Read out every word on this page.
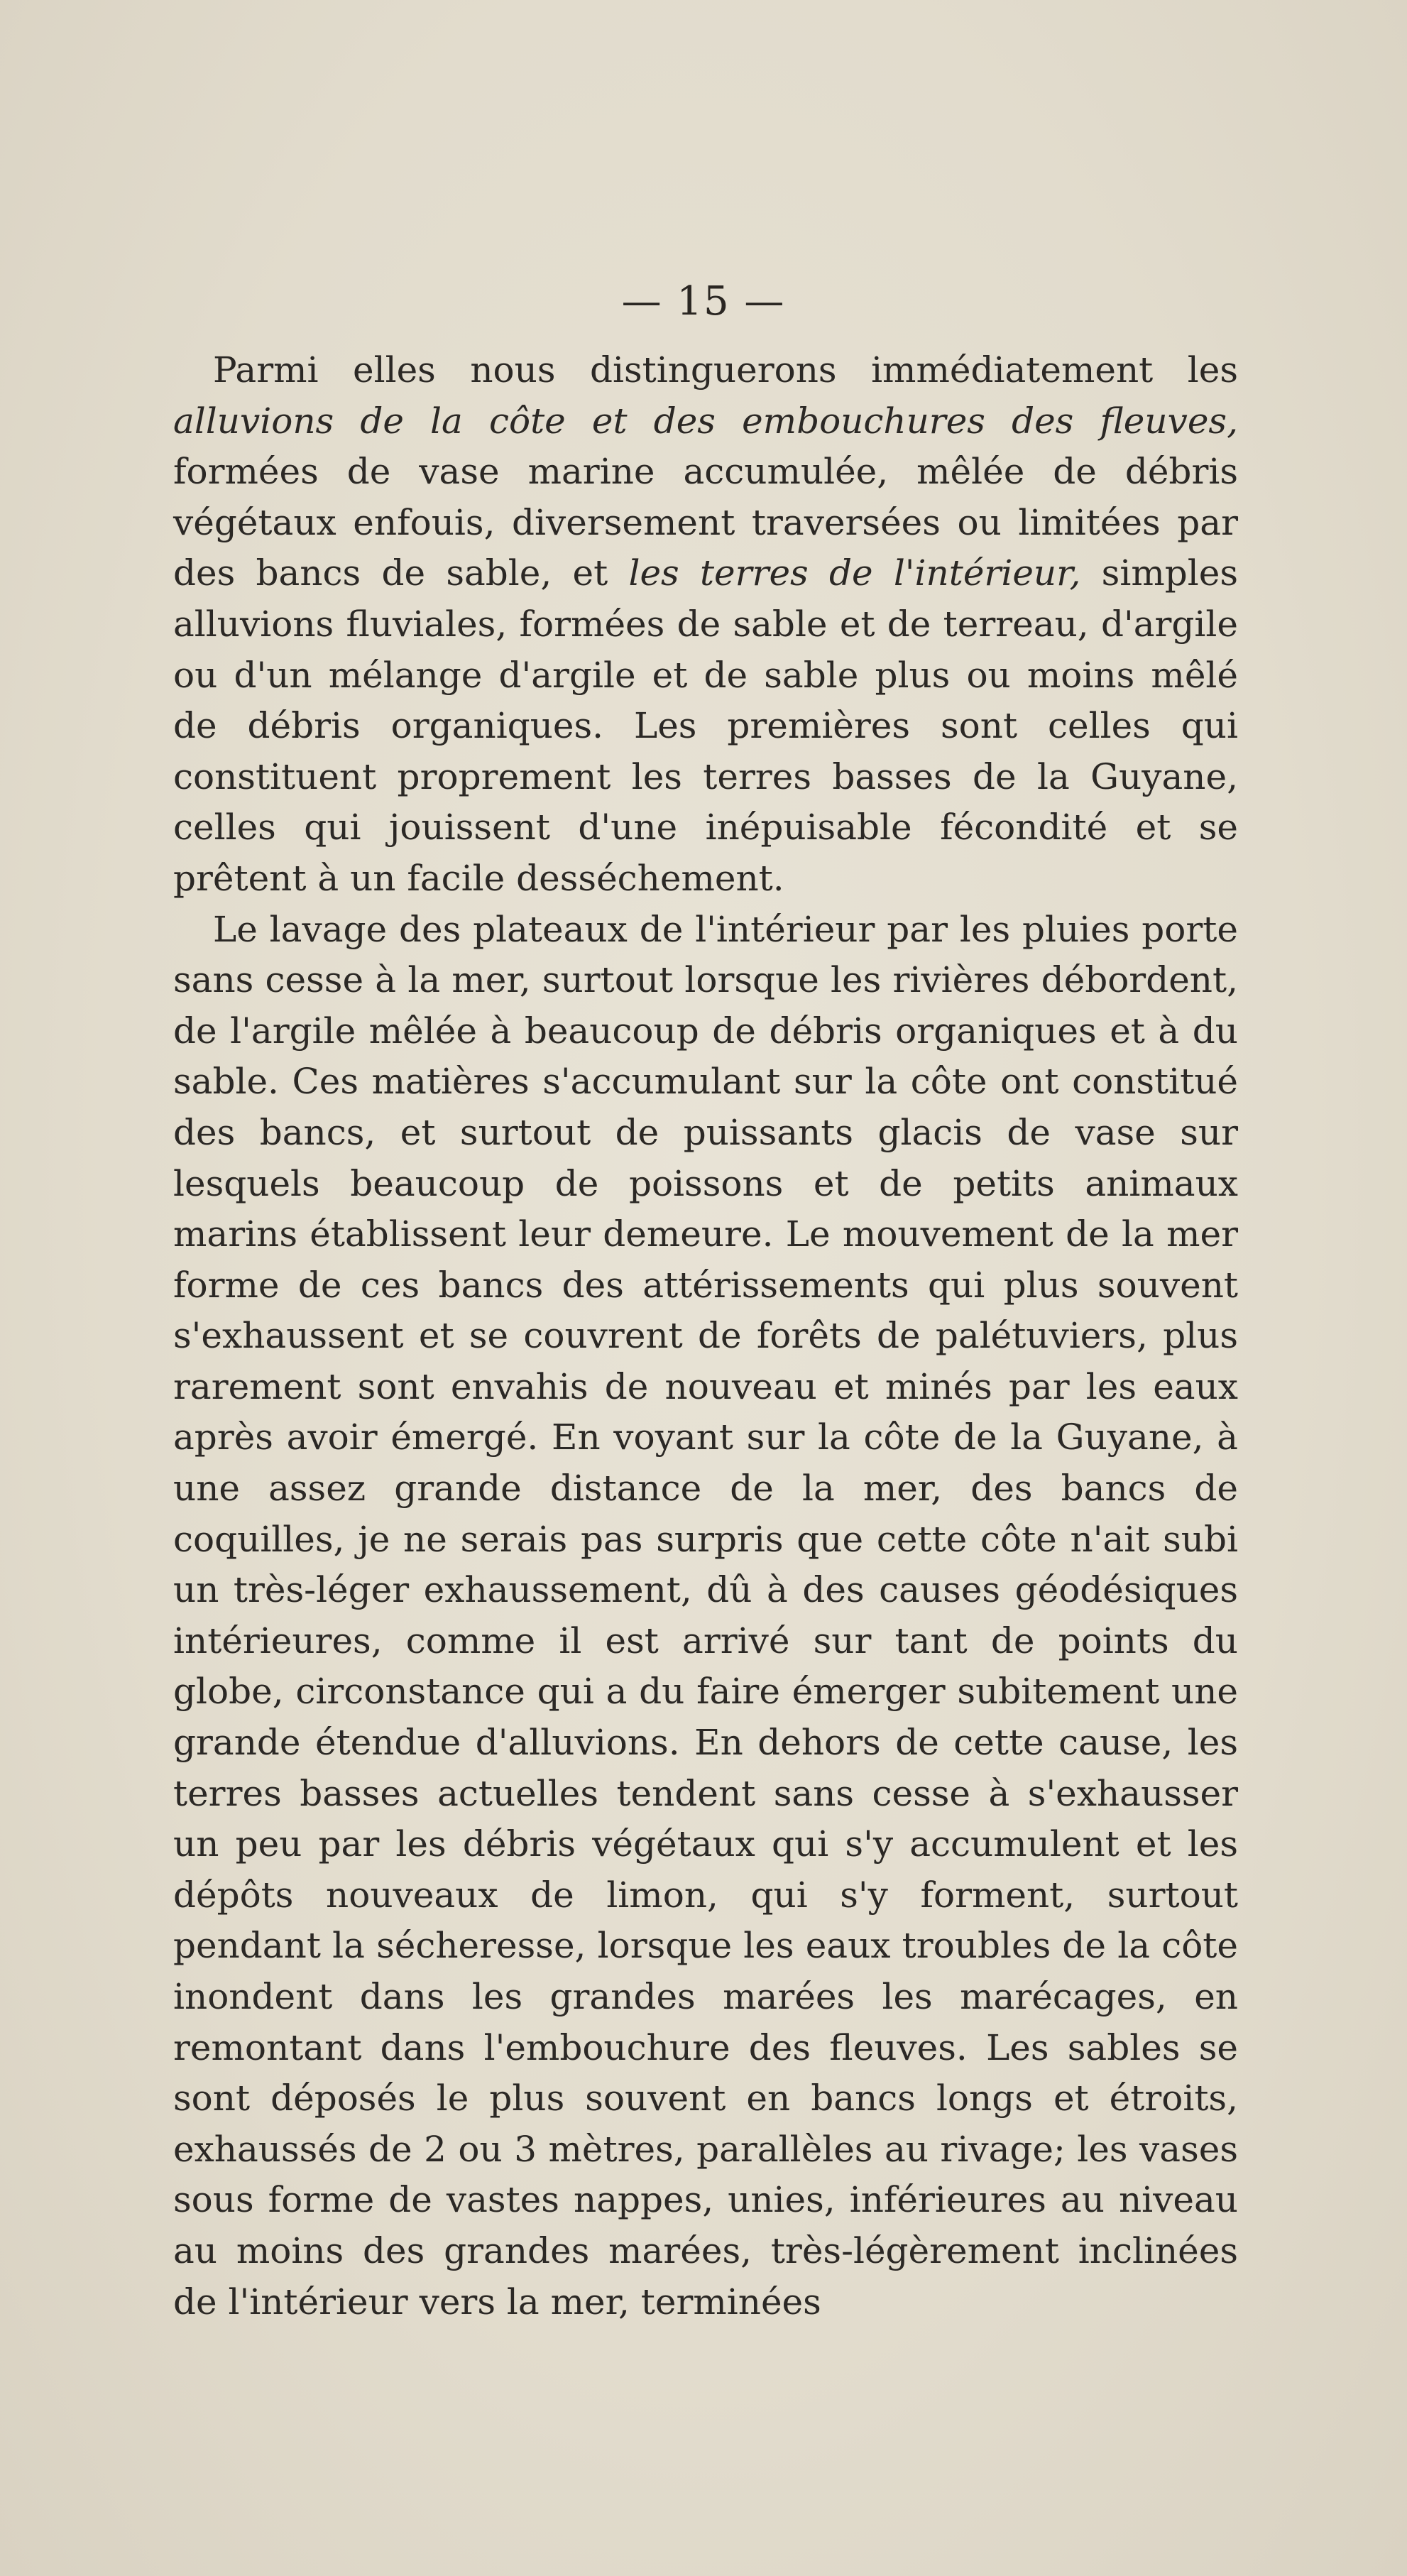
— 15 —

Parmi elles nous distinguerons immédiatement les alluvions de la côte et des embouchures des fleuves, formées de vase marine accumulée, mêlée de débris végétaux enfouis, diversement traversées ou limitées par des bancs de sable, et les terres de l'intérieur, simples alluvions fluviales, formées de sable et de terreau, d'argile ou d'un mélange d'argile et de sable plus ou moins mêlé de débris organiques. Les premières sont celles qui constituent proprement les terres basses de la Guyane, celles qui jouissent d'une inépuisable fécondité et se prêtent à un facile desséchement.

Le lavage des plateaux de l'intérieur par les pluies porte sans cesse à la mer, surtout lorsque les rivières débordent, de l'argile mêlée à beaucoup de débris organiques et à du sable. Ces matières s'accumulant sur la côte ont constitué des bancs, et surtout de puissants glacis de vase sur lesquels beaucoup de poissons et de petits animaux marins établissent leur demeure. Le mouvement de la mer forme de ces bancs des attérissements qui plus souvent s'exhaussent et se couvrent de forêts de palétuviers, plus rarement sont envahis de nouveau et minés par les eaux après avoir émergé. En voyant sur la côte de la Guyane, à une assez grande distance de la mer, des bancs de coquilles, je ne serais pas surpris que cette côte n'ait subi un très-léger exhaussement, dû à des causes géodésiques intérieures, comme il est arrivé sur tant de points du globe, circonstance qui a du faire émerger subitement une grande étendue d'alluvions. En dehors de cette cause, les terres basses actuelles tendent sans cesse à s'exhausser un peu par les débris végétaux qui s'y accumulent et les dépôts nouveaux de limon, qui s'y forment, surtout pendant la sécheresse, lorsque les eaux troubles de la côte inondent dans les grandes marées les marécages, en remontant dans l'embouchure des fleuves. Les sables se sont déposés le plus souvent en bancs longs et étroits, exhaussés de 2 ou 3 mètres, parallèles au rivage; les vases sous forme de vastes nappes, unies, inférieures au niveau au moins des grandes marées, très-légèrement inclinées de l'intérieur vers la mer, terminées
